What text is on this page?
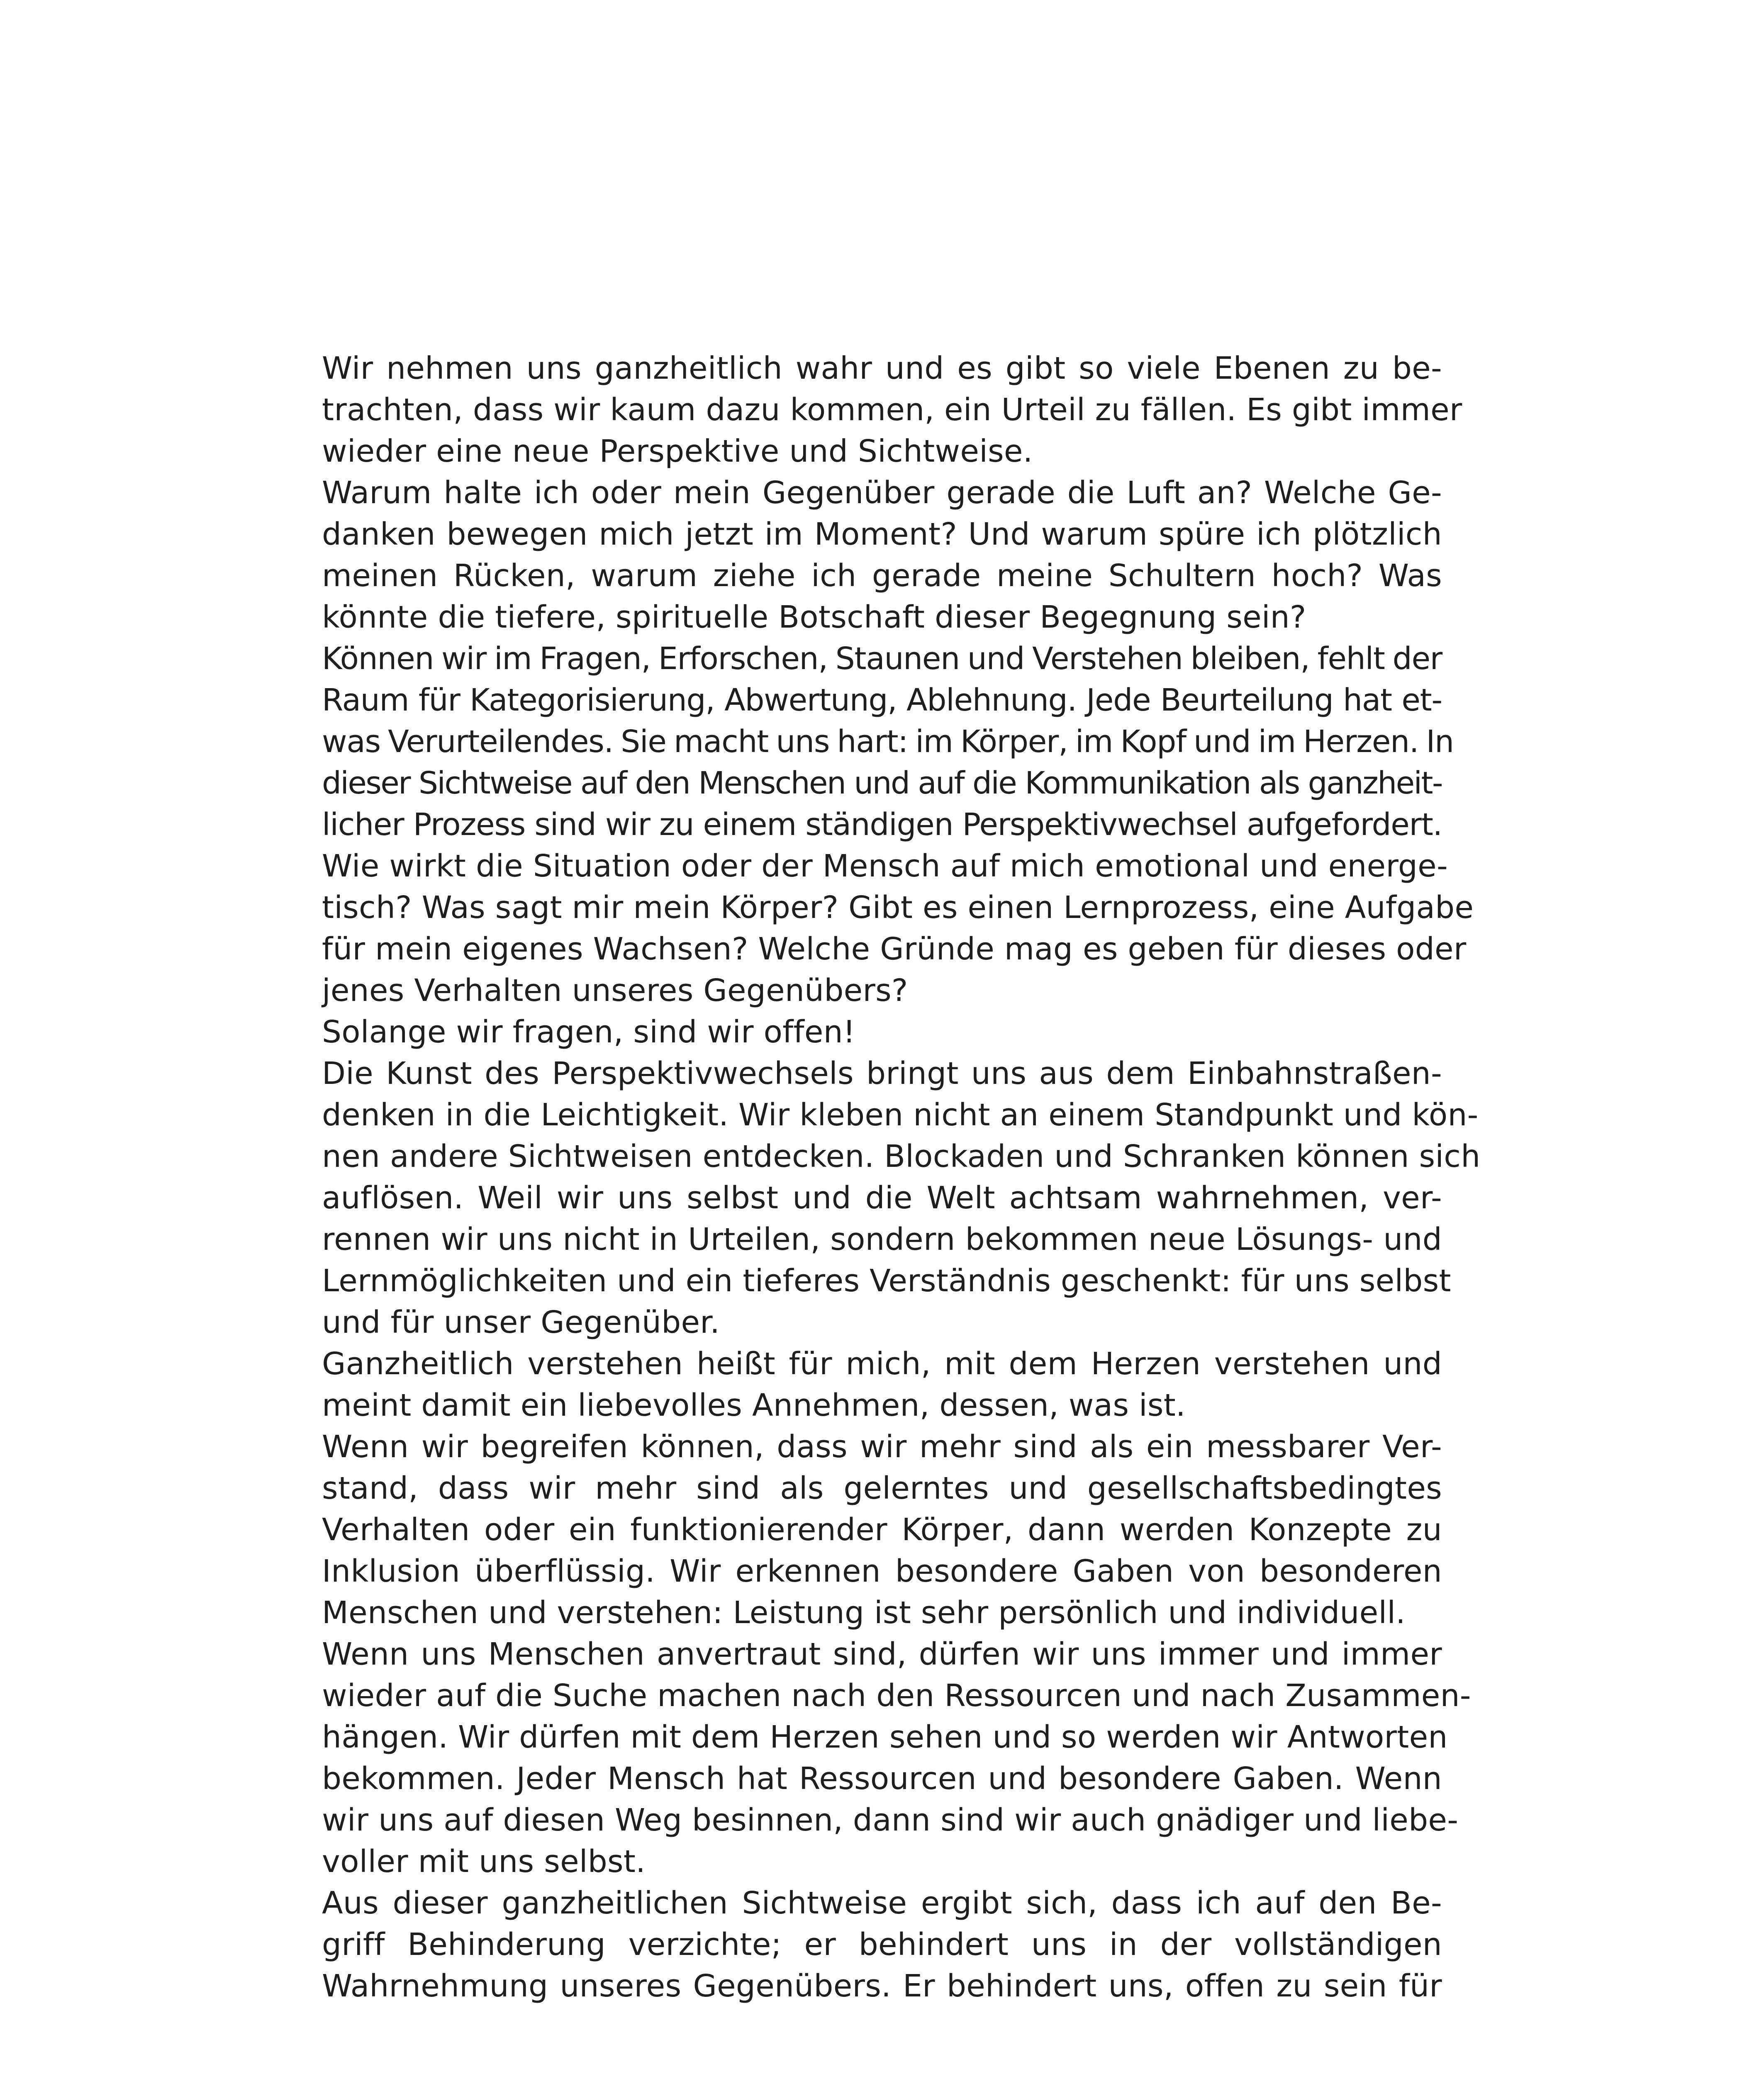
Wir nehmen uns ganzheitlich wahr und es gibt so viele Ebenen zu be-
trachten, dass wir kaum dazu kommen, ein Urteil zu fällen. Es gibt immer
wieder eine neue Perspektive und Sichtweise.
Warum halte ich oder mein Gegenüber gerade die Luft an? Welche Ge-
danken bewegen mich jetzt im Moment? Und warum spüre ich plötzlich
meinen Rücken, warum ziehe ich gerade meine Schultern hoch? Was
könnte die tiefere, spirituelle Botschaft dieser Begegnung sein?
Können wir im Fragen, Erforschen, Staunen und Verstehen bleiben, fehlt der
Raum für Kategorisierung, Abwertung, Ablehnung. Jede Beurteilung hat et-
was Verurteilendes. Sie macht uns hart: im Körper, im Kopf und im Herzen. In
dieser Sichtweise auf den Menschen und auf die Kommunikation als ganzheit-
licher Prozess sind wir zu einem ständigen Perspektivwechsel aufgefordert.
Wie wirkt die Situation oder der Mensch auf mich emotional und energe-
tisch? Was sagt mir mein Körper? Gibt es einen Lernprozess, eine Aufgabe
für mein eigenes Wachsen? Welche Gründe mag es geben für dieses oder
jenes Verhalten unseres Gegenübers?
Solange wir fragen, sind wir offen!
Die Kunst des Perspektivwechsels bringt uns aus dem Einbahnstraßen-
denken in die Leichtigkeit. Wir kleben nicht an einem Standpunkt und kön-
nen andere Sichtweisen entdecken. Blockaden und Schranken können sich
auflösen. Weil wir uns selbst und die Welt achtsam wahrnehmen, ver-
rennen wir uns nicht in Urteilen, sondern bekommen neue Lösungs- und
Lernmöglichkeiten und ein tieferes Verständnis geschenkt: für uns selbst
und für unser Gegenüber.
Ganzheitlich verstehen heißt für mich, mit dem Herzen verstehen und
meint damit ein liebevolles Annehmen, dessen, was ist.
Wenn wir begreifen können, dass wir mehr sind als ein messbarer Ver-
stand, dass wir mehr sind als gelerntes und gesellschaftsbedingtes
Verhalten oder ein funktionierender Körper, dann werden Konzepte zu
Inklusion überflüssig. Wir erkennen besondere Gaben von besonderen
Menschen und verstehen: Leistung ist sehr persönlich und individuell.
Wenn uns Menschen anvertraut sind, dürfen wir uns immer und immer
wieder auf die Suche machen nach den Ressourcen und nach Zusammen-
hängen. Wir dürfen mit dem Herzen sehen und so werden wir Antworten
bekommen. Jeder Mensch hat Ressourcen und besondere Gaben. Wenn
wir uns auf diesen Weg besinnen, dann sind wir auch gnädiger und liebe-
voller mit uns selbst.
Aus dieser ganzheitlichen Sichtweise ergibt sich, dass ich auf den Be-
griff Behinderung verzichte; er behindert uns in der vollständigen
Wahrnehmung unseres Gegenübers. Er behindert uns, offen zu sein für
